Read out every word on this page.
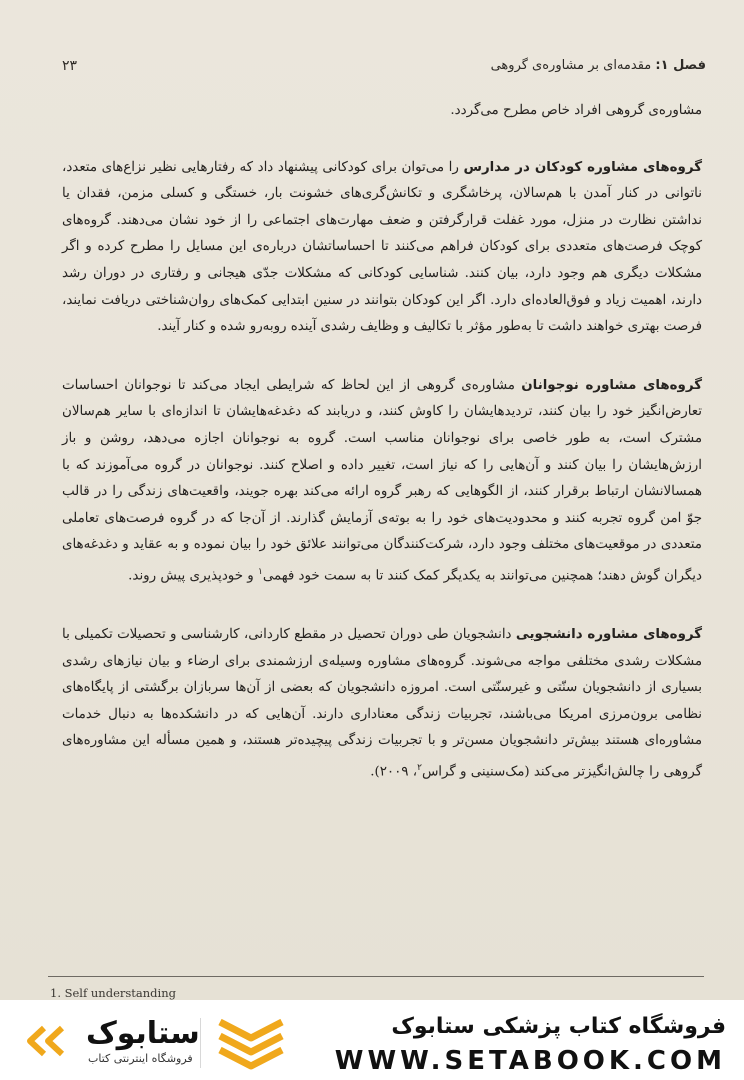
فصل ۱: مقدمه‌ای بر مشاوره‌ی گروهی
۲۳

مشاوره‌ی گروهی افراد خاص مطرح می‌گردد.

گروه‌های مشاوره کودکان در مدارس را می‌توان برای کودکانی پیشنهاد داد که رفتارهایی نظیر نزاع‌های متعدد، ناتوانی در کنار آمدن با هم‌سالان، پرخاشگری و تکانش‌گری‌های خشونت بار، خستگی و کسلی مزمن، فقدان یا نداشتن نظارت در منزل، مورد غفلت قرارگرفتن و ضعف مهارت‌های اجتماعی را از خود نشان می‌دهند. گروه‌های کوچک فرصت‌های متعددی برای کودکان فراهم می‌کنند تا احساساتشان درباره‌ی این مسایل را مطرح کرده و اگر مشکلات دیگری هم وجود دارد، بیان کنند. شناسایی کودکانی که مشکلات جدّی هیجانی و رفتاری در دوران رشد دارند، اهمیت زیاد و فوق‌العاده‌ای دارد. اگر این کودکان بتوانند در سنین ابتدایی کمک‌های روان‌شناختی دریافت نمایند، فرصت بهتری خواهند داشت تا به‌طور مؤثر با تکالیف و وظایف رشدی آینده روبه‌رو شده و کنار آیند.

گروه‌های مشاوره نوجوانان مشاوره‌ی گروهی از این لحاظ که شرایطی ایجاد می‌کند تا نوجوانان احساسات تعارض‌انگیز خود را بیان کنند، تردیدهایشان را کاوش کنند، و دریابند که دغدغه‌هایشان تا اندازه‌ای با سایر هم‌سالان مشترک است، به طور خاصی برای نوجوانان مناسب است. گروه به نوجوانان اجازه می‌دهد، روشن و باز ارزش‌هایشان را بیان کنند و آن‌هایی را که نیاز است، تغییر داده و اصلاح کنند. نوجوانان در گروه می‌آموزند که با همسالانشان ارتباط برقرار کنند، از الگوهایی که رهبر گروه ارائه می‌کند بهره جویند، واقعیت‌های زندگی را در قالب جوّ امن گروه تجربه کنند و محدودیت‌های خود را به بوته‌ی آزمایش گذارند. از آن‌جا که در گروه فرصت‌های تعاملی متعددی در موقعیت‌های مختلف وجود دارد، شرکت‌کنندگان می‌توانند علائق خود را بیان نموده و به عقاید و دغدغه‌های دیگران گوش دهند؛ همچنین می‌توانند به یکدیگر کمک کنند تا به سمت خود فهمی$^۱$ و خودپذیری پیش روند.

گروه‌های مشاوره دانشجویی دانشجویان طی دوران تحصیل در مقطع کاردانی، کارشناسی و تحصیلات تکمیلی با مشکلات رشدی مختلفی مواجه می‌شوند. گروه‌های مشاوره وسیله‌ی ارزشمندی برای ارضاء و بیان نیازهای رشدی بسیاری از دانشجویان سنّتی و غیرسنّتی است. امروزه دانشجویان که بعضی از آن‌ها سربازان برگشتی از پایگاه‌های نظامی برون‌مرزی امریکا می‌باشند، تجربیات زندگی معناداری دارند. آن‌هایی که در دانشکده‌ها به دنبال خدمات مشاوره‌ای هستند بیش‌تر دانشجویان مسن‌تر و با تجربیات زندگی پیچیده‌تر هستند، و همین مسأله این مشاوره‌های گروهی را چالش‌انگیزتر می‌کند (مک‌سنینی و گراس$^۲$، ۲۰۰۹).

1. Self understanding
ستابوک
فروشگاه اینترنتی کتاب
فروشگاه کتاب پزشکی ستابوک
WWW.SETABOOK.COM
